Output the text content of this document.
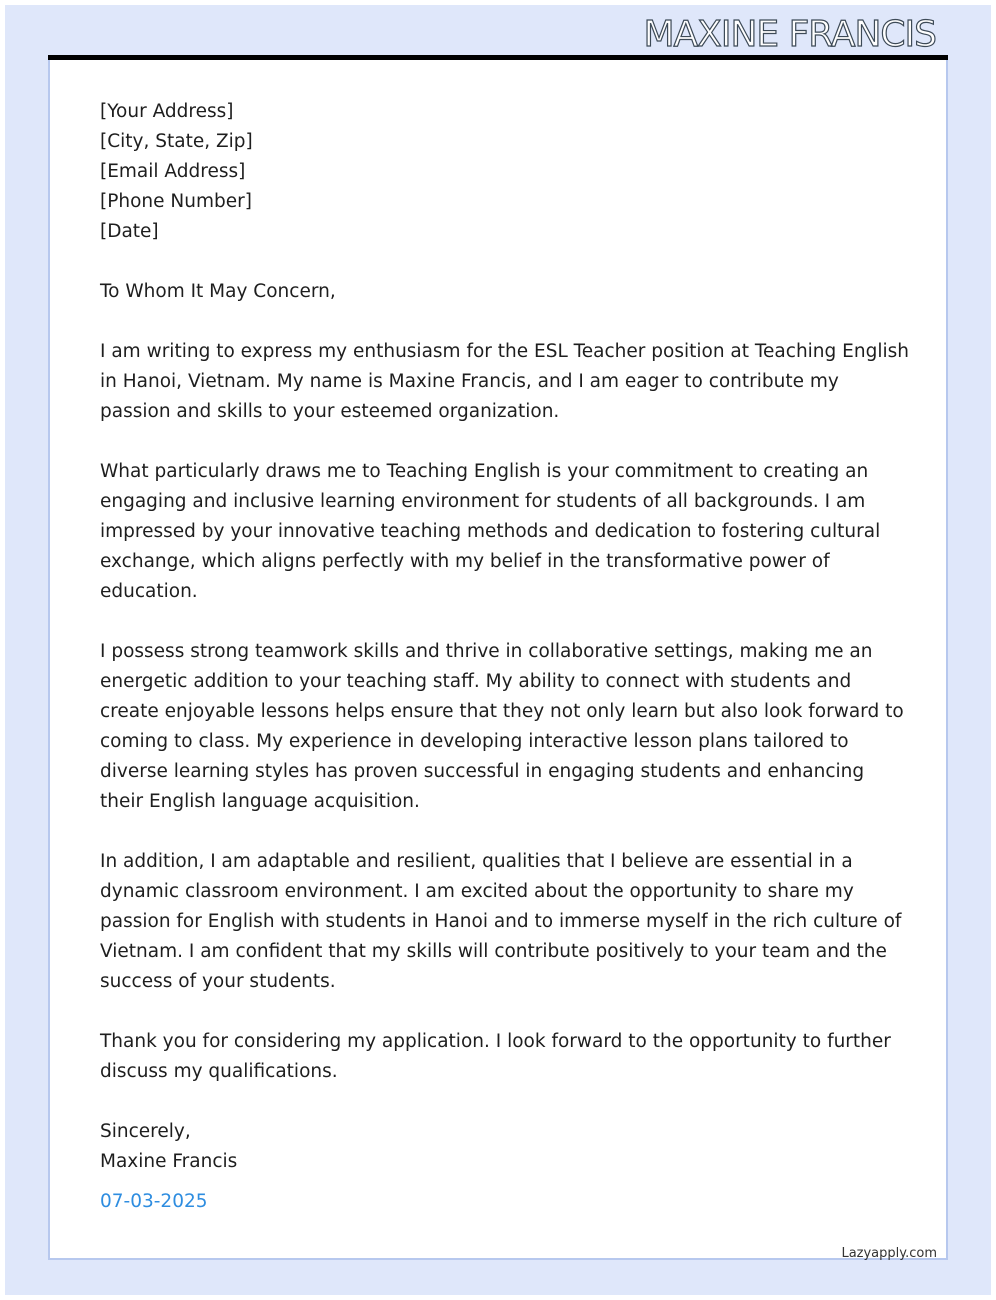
MAXINE FRANCIS

[Your Address]
[City, State, Zip]
[Email Address]
[Phone Number]
[Date]

To Whom It May Concern,

I am writing to express my enthusiasm for the ESL Teacher position at Teaching English in Hanoi, Vietnam. My name is Maxine Francis, and I am eager to contribute my passion and skills to your esteemed organization.

What particularly draws me to Teaching English is your commitment to creating an engaging and inclusive learning environment for students of all backgrounds. I am impressed by your innovative teaching methods and dedication to fostering cultural exchange, which aligns perfectly with my belief in the transformative power of education.

I possess strong teamwork skills and thrive in collaborative settings, making me an energetic addition to your teaching staff. My ability to connect with students and create enjoyable lessons helps ensure that they not only learn but also look forward to coming to class. My experience in developing interactive lesson plans tailored to diverse learning styles has proven successful in engaging students and enhancing their English language acquisition.

In addition, I am adaptable and resilient, qualities that I believe are essential in a dynamic classroom environment. I am excited about the opportunity to share my passion for English with students in Hanoi and to immerse myself in the rich culture of Vietnam. I am confident that my skills will contribute positively to your team and the success of your students.

Thank you for considering my application. I look forward to the opportunity to further discuss my qualifications.

Sincerely,
Maxine Francis
07-03-2025
Lazyapply.com
